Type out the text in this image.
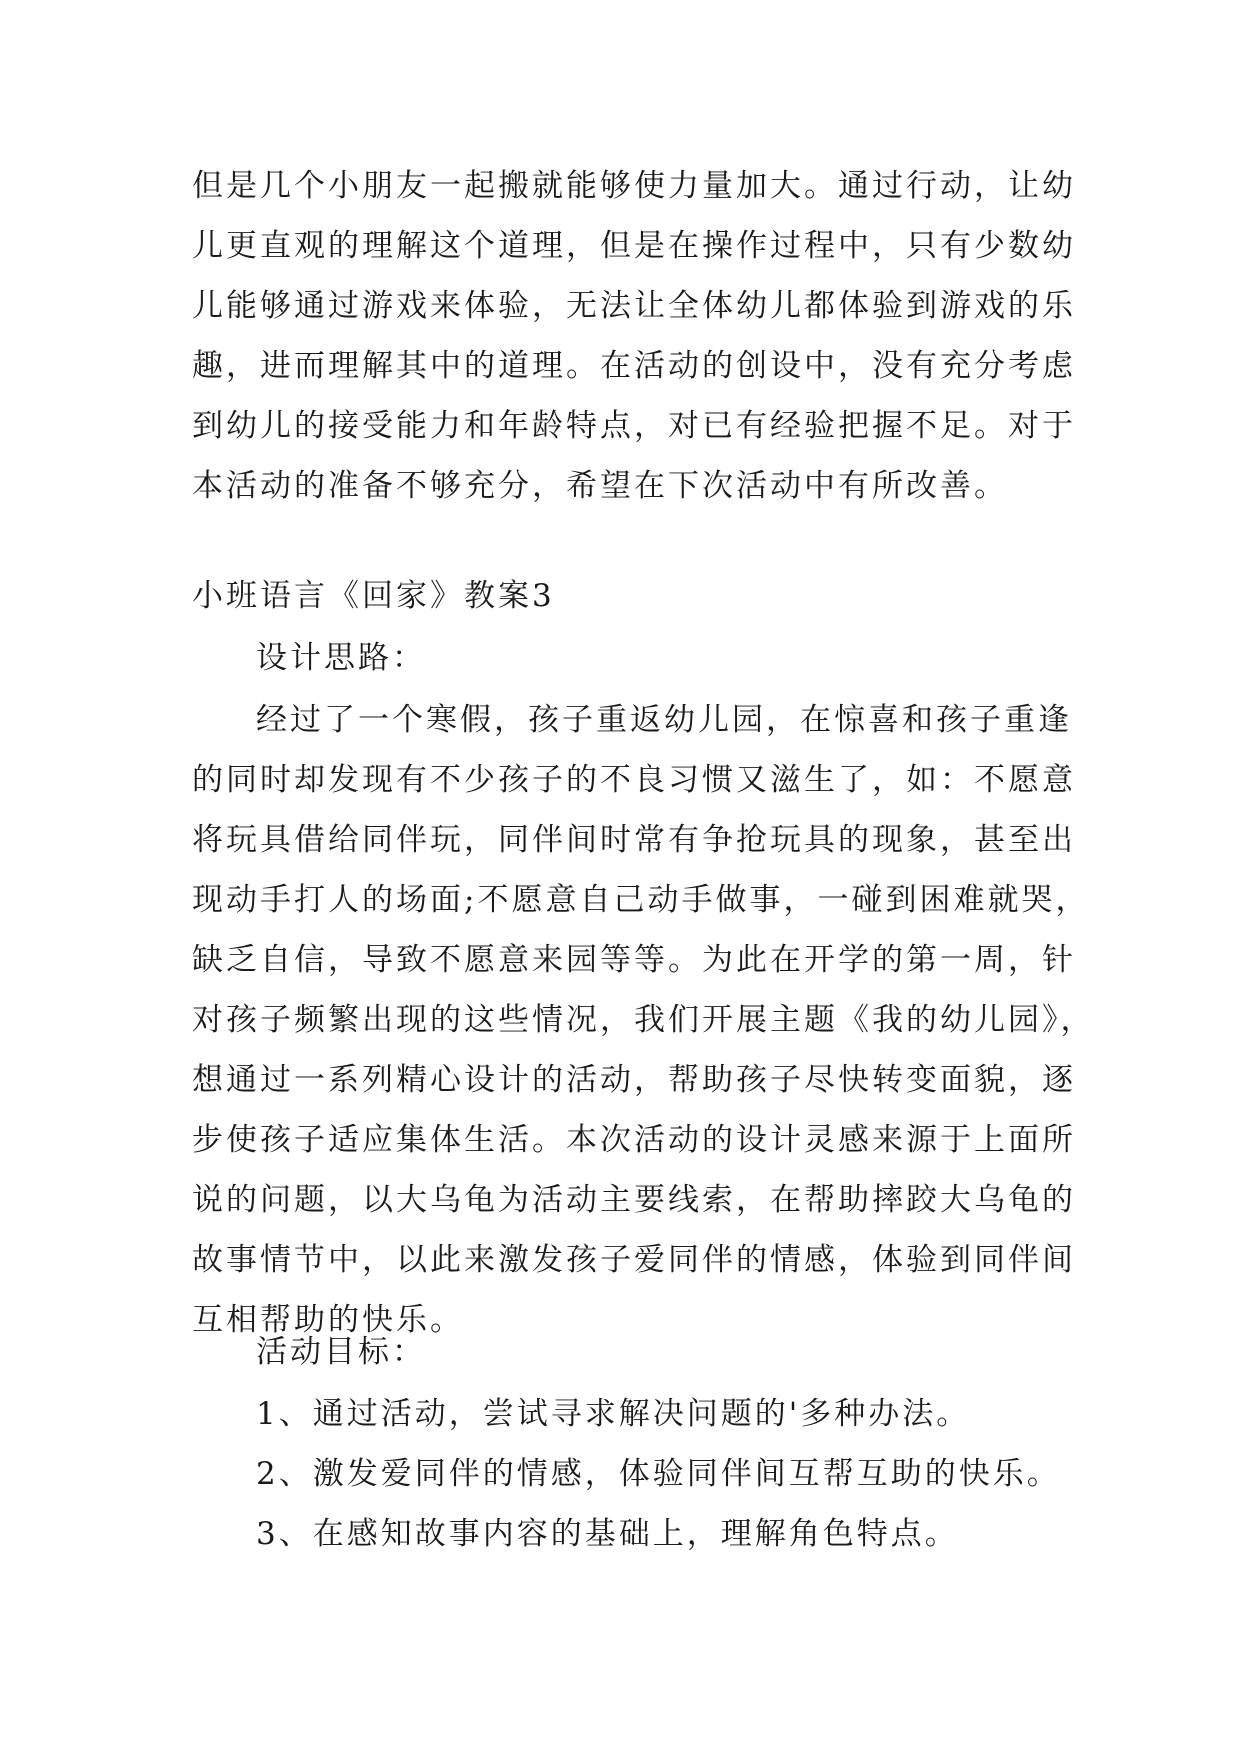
但是几个小朋友一起搬就能够使力量加大。通过行动，让幼
儿更直观的理解这个道理，但是在操作过程中，只有少数幼
儿能够通过游戏来体验，无法让全体幼儿都体验到游戏的乐
趣，进而理解其中的道理。在活动的创设中，没有充分考虑
到幼儿的接受能力和年龄特点，对已有经验把握不足。对于
本活动的准备不够充分，希望在下次活动中有所改善。
小班语言《回家》教案3
设计思路：
经过了一个寒假，孩子重返幼儿园，在惊喜和孩子重逢
的同时却发现有不少孩子的不良习惯又滋生了，如：不愿意
将玩具借给同伴玩，同伴间时常有争抢玩具的现象，甚至出
现动手打人的场面;不愿意自己动手做事，一碰到困难就哭，
缺乏自信，导致不愿意来园等等。为此在开学的第一周，针
对孩子频繁出现的这些情况，我们开展主题《我的幼儿园》，
想通过一系列精心设计的活动，帮助孩子尽快转变面貌，逐
步使孩子适应集体生活。本次活动的设计灵感来源于上面所
说的问题，以大乌龟为活动主要线索，在帮助摔跤大乌龟的
故事情节中，以此来激发孩子爱同伴的情感，体验到同伴间
互相帮助的快乐。
活动目标：
1、通过活动，尝试寻求解决问题的'多种办法。
2、激发爱同伴的情感，体验同伴间互帮互助的快乐。
3、在感知故事内容的基础上，理解角色特点。
